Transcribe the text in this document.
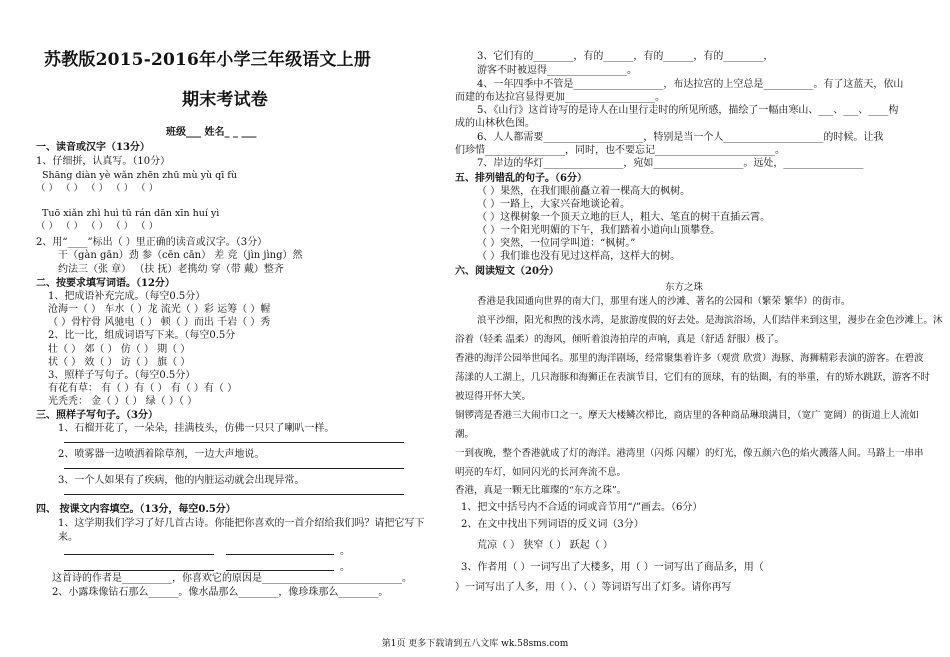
苏教版2015-2016年小学三年级语文上册
期末考试卷
班级___ 姓名_ _ ___
一、读音或汉字（13分）
1、仔细拼，认真写。（10分）
Shāng diàn yè wǎn zhēn zhū mù yù qī fù
（ ） （ ） （ ） （ ） （ ）
Tuō xiǎn zhì huì tū rán dān xīn huí yì
（ ） （ ） （ ） （ ） （ ）
2、用“____”标出（ ）里正确的读音或汉字。（3分）
干（gàn gān）劲 参（cēn cān） 差 竞（jìn jìng）然
约法三（张 章） （扶 抚）老携幼 穿（带 戴）整齐
二、按要求填写词语。（12分）
1、把成语补充完成。（每空0.5分）
沧海一（ ） 车水（ ）龙 流光（ ）彩 运筹（ ）幄
（ ）骨柠骨 风驰电（ ） 顿（ ）而出 千岩（ ）秀
2、比一比，组成词语写下来。（每空0.5分
壮（ ） 郊（ ） 仿（ ） 期（ ）
状（ ） 效（ ） 访（ ） 旗（ ）
3、照样子写句子。（每空0.5分）
有花有草： 有（ ）有（ ） 有（ ）有（ ）
光秃秃： 金（ ）（ ） 绿（ ）（ ）
三、照样子写句子。（3分）
1、石榴开花了，一朵朵，挂满枝头，仿佛一只只了喇叭一样。
2、喷雾器一边喷洒着除草剂，一边大声地说。
3、一个人如果有了疾病，他的内脏运动就会出现异常。
四、 按课文内容填空。（13分，每空0.5分）
1、这学期我们学习了好几首古诗。你能把你喜欢的一首介绍给我们吗？请把它写下
来。
。
。
这首诗的作者是__________，你喜欢它的原因是____________________________。
2、小露珠像钻石那么______。像水晶那么________，像珍珠那么________。
3、它们有的________，有的______，有的______，有的________，
游客不时被逗得________________。
4、一年四季中不管是__________________，布达拉宫的上空总是__________。有了这蓝天，依山
而建的布达拉宫显得更加__________________。
5、《山行》这首诗写的是诗人在山里行走时的所见所感，描绘了一幅由寒山、___、___、____构
成的山林秋色图。
6、人人都需要____________________，特别是当一个人____________________的时候。让我
们珍惜________________，同时，也不要忘记________________________。
7、岸边的华灯________________，宛如__________________。远处，________________
五、排列错乱的句子。（6分）
（ ）果然，在我们眼前矗立着一棵高大的枫树。
（ ）一路上，大家兴奋地谈论着。
（ ）这棵树象一个顶天立地的巨人，粗大、笔直的树干直插云霄。
（ ）一个阳光明媚的下午，我们踏着小道向山顶攀登。
（ ）突然，一位同学叫道：“枫树。”
（ ）我们谁也没有见过这样高，这样大的树。
六、阅读短文（20分）
东方之珠
香港是我国通向世界的南大门，那里有迷人的沙滩、著名的公园和（繁荣 繁华）的街市。
浪平沙细，阳光和煦的浅水湾，是旅游度假的好去处。是海滨浴场，人们结伴来到这里，漫步在金色沙滩上。沐
浴着（轻柔 温柔）的海风，倾听着浪涛拍岸的声响，真是（舒适 舒服）极了。
香港的海洋公园举世闻名。那里的海洋剧场，经常聚集着许多（观赏 欣赏）海豚、海狮精彩表演的游客。在碧波
荡漾的人工湖上，几只海豚和海狮正在表演节目，它们有的顶球，有的钻圈，有的举重，有的矫水跳跃，游客不时
被逗得开怀大笑。
铜锣湾是香港三大闹市口之一。摩天大楼鳞次栉比，商店里的各种商品琳琅满目，（宽广 宽阔）的街道上人流如
潮。
一到夜晚，整个香港就成了灯的海洋。港湾里（闪烁 闪耀）的灯光，像五颜六色的焰火溅落人间。马路上一串串
明亮的车灯，如同闪光的长河奔流不息。
香港，真是一颗无比璀璨的“东方之珠”。
1、把文中括号内不合适的词或音节用“/”画去。（6分）
2、在文中找出下列词语的反义词（3分）
荒凉（ ） 狭窄（ ） 跃起（ ）
3、作者用（ ）一词写出了大楼多，用（ ）一词写出了商品多，用（
）一词写出了人多，用（ ）、（ ）等词语写出了灯多。请你再写
第1页 更多下载请到五八文库 wk.58sms.com
